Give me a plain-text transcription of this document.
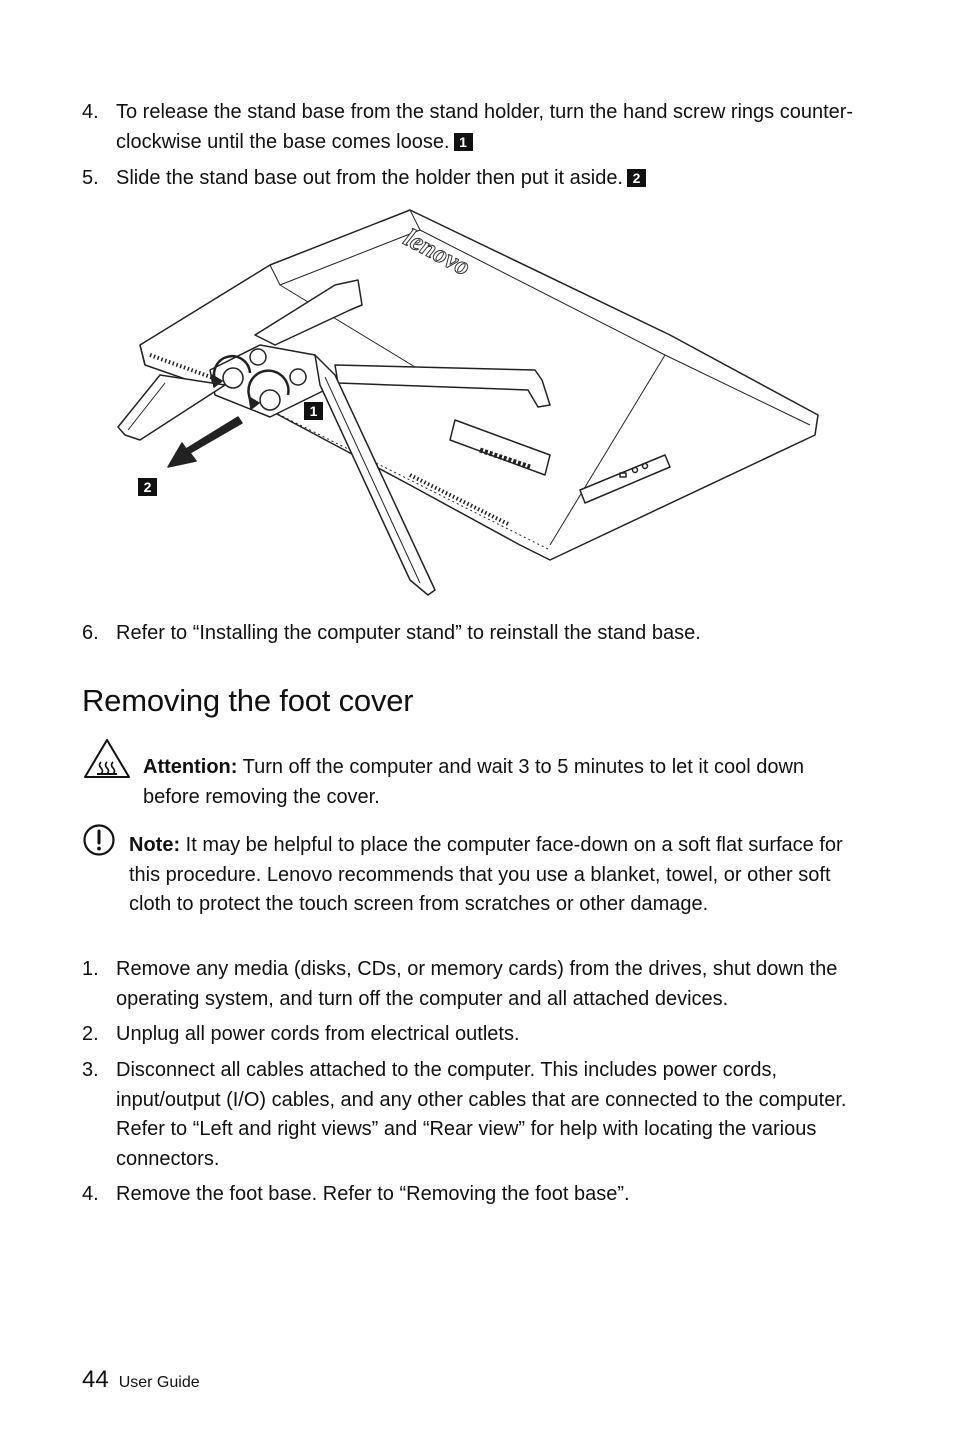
4. To release the stand base from the stand holder, turn the hand screw rings counter-clockwise until the base comes loose. 1
5. Slide the stand base out from the holder then put it aside. 2
lenovo
1
2
6. Refer to “Installing the computer stand” to reinstall the stand base.
Removing the foot cover
Attention: Turn off the computer and wait 3 to 5 minutes to let it cool down before removing the cover.
Note: It may be helpful to place the computer face-down on a soft flat surface for this procedure. Lenovo recommends that you use a blanket, towel, or other soft cloth to protect the touch screen from scratches or other damage.
1. Remove any media (disks, CDs, or memory cards) from the drives, shut down the operating system, and turn off the computer and all attached devices.
2. Unplug all power cords from electrical outlets.
3. Disconnect all cables attached to the computer. This includes power cords, input/output (I/O) cables, and any other cables that are connected to the computer. Refer to “Left and right views” and “Rear view” for help with locating the various connectors.
4. Remove the foot base. Refer to “Removing the foot base”.
44 User Guide
